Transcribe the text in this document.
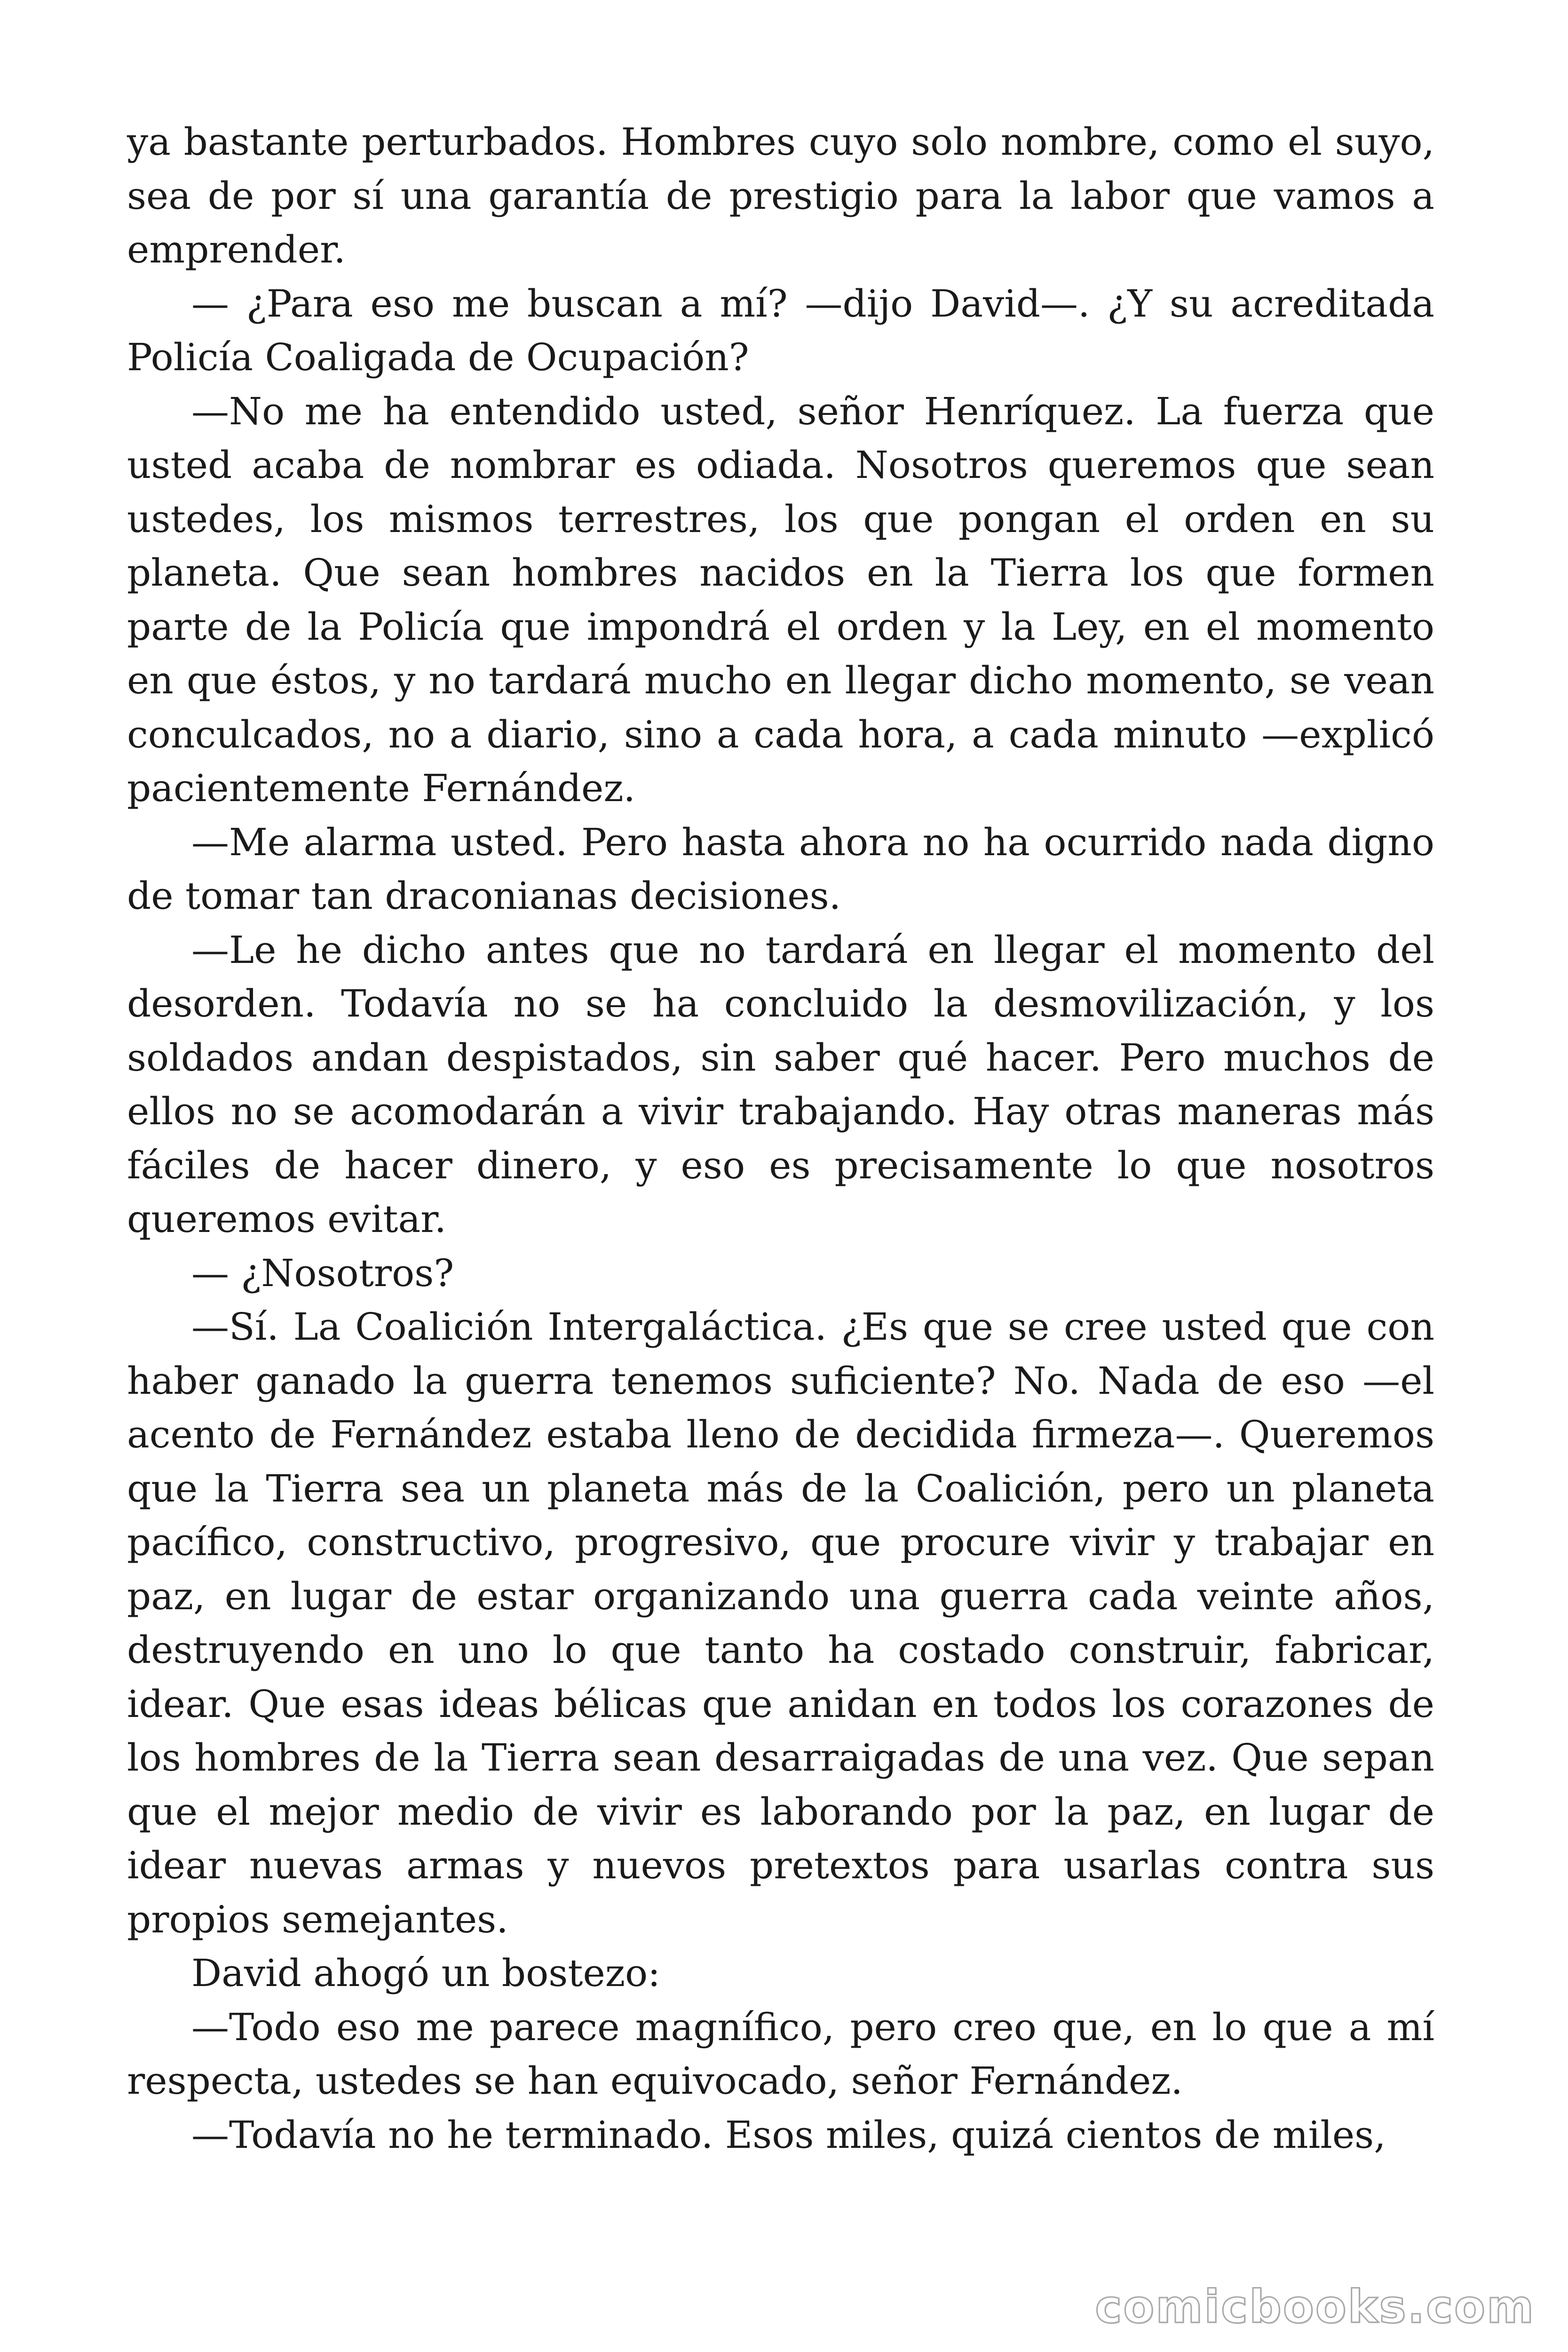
ya bastante perturbados. Hombres cuyo solo nombre, como el suyo, sea de por sí una garantía de prestigio para la labor que vamos a emprender.

— ¿Para eso me buscan a mí? —dijo David—. ¿Y su acreditada Policía Coaligada de Ocupación?

—No me ha entendido usted, señor Henríquez. La fuerza que usted acaba de nombrar es odiada. Nosotros queremos que sean ustedes, los mismos terrestres, los que pongan el orden en su planeta. Que sean hombres nacidos en la Tierra los que formen parte de la Policía que impondrá el orden y la Ley, en el momento en que éstos, y no tardará mucho en llegar dicho momento, se vean conculcados, no a diario, sino a cada hora, a cada minuto —explicó pacientemente Fernández.

—Me alarma usted. Pero hasta ahora no ha ocurrido nada digno de tomar tan draconianas decisiones.

—Le he dicho antes que no tardará en llegar el momento del desorden. Todavía no se ha concluido la desmovilización, y los soldados andan despistados, sin saber qué hacer. Pero muchos de ellos no se acomodarán a vivir trabajando. Hay otras maneras más fáciles de hacer dinero, y eso es precisamente lo que nosotros queremos evitar.

— ¿Nosotros?

—Sí. La Coalición Intergaláctica. ¿Es que se cree usted que con haber ganado la guerra tenemos suficiente? No. Nada de eso —el acento de Fernández estaba lleno de decidida firmeza—. Queremos que la Tierra sea un planeta más de la Coalición, pero un planeta pacífico, constructivo, progresivo, que procure vivir y trabajar en paz, en lugar de estar organizando una guerra cada veinte años, destruyendo en uno lo que tanto ha costado construir, fabricar, idear. Que esas ideas bélicas que anidan en todos los corazones de los hombres de la Tierra sean desarraigadas de una vez. Que sepan que el mejor medio de vivir es laborando por la paz, en lugar de idear nuevas armas y nuevos pretextos para usarlas contra sus propios semejantes.

David ahogó un bostezo:

—Todo eso me parece magnífico, pero creo que, en lo que a mí respecta, ustedes se han equivocado, señor Fernández.

—Todavía no he terminado. Esos miles, quizá cientos de miles,

comicbooks.com
